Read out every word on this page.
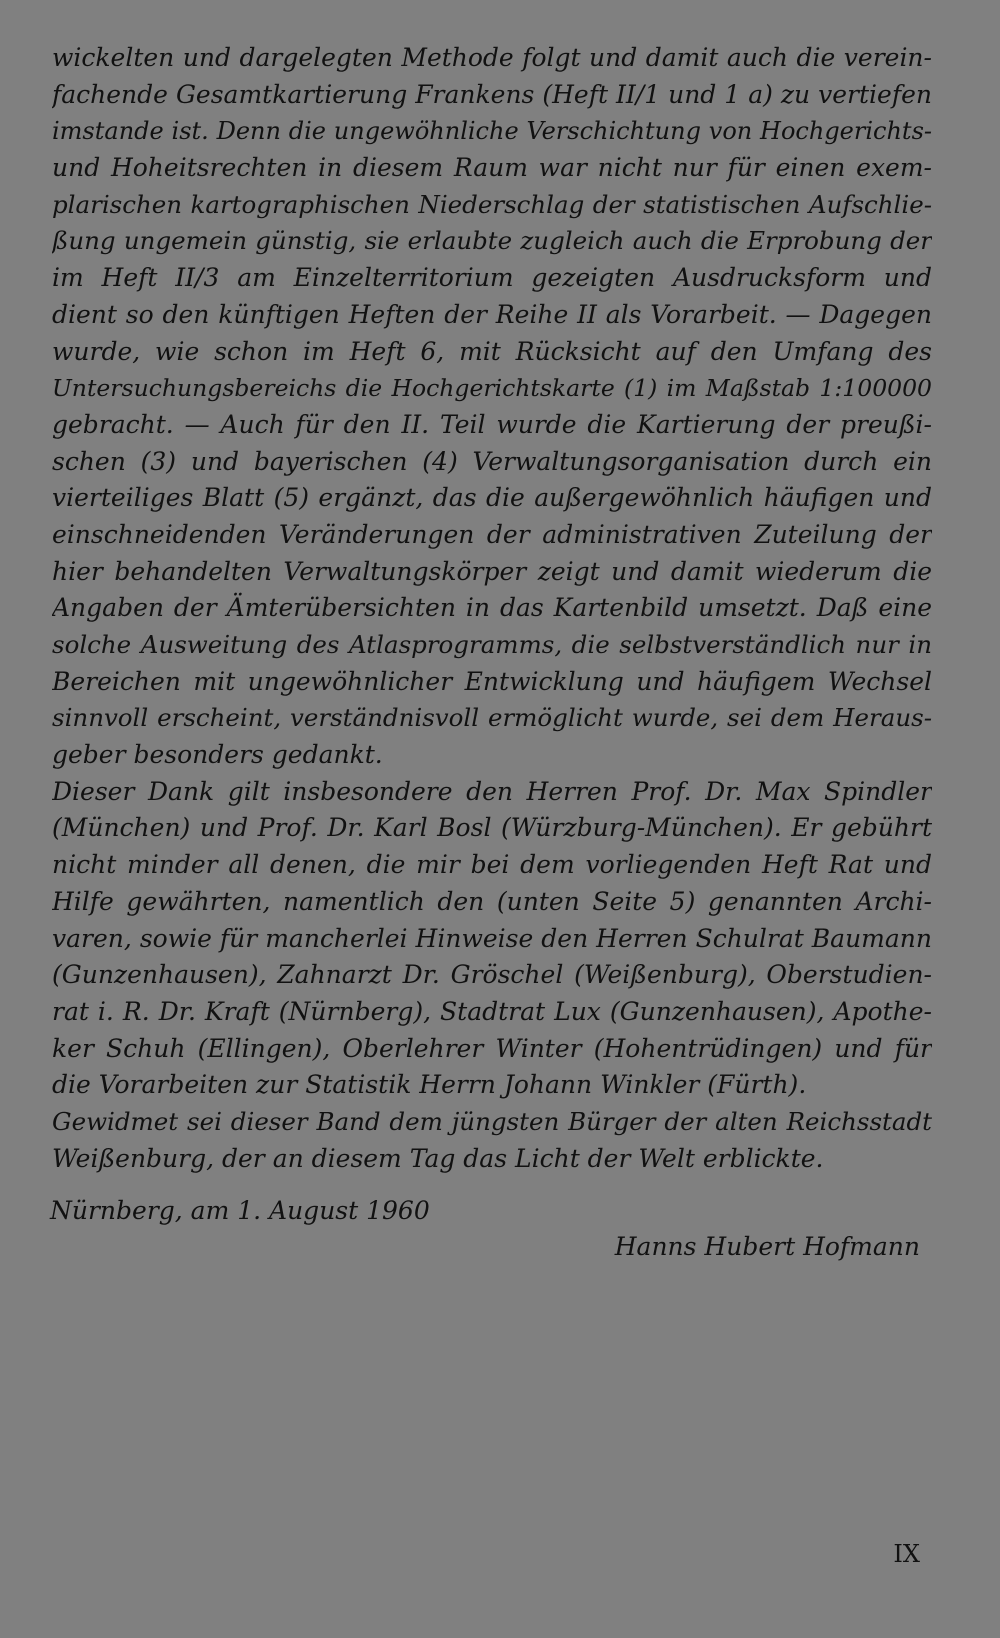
wickelten und dargelegten Methode folgt und damit auch die verein-
fachende Gesamtkartierung Frankens (Heft II/1 und 1 a) zu vertiefen
imstande ist. Denn die ungewöhnliche Verschichtung von Hochgerichts-
und Hoheitsrechten in diesem Raum war nicht nur für einen exem-
plarischen kartographischen Niederschlag der statistischen Aufschlie-
ßung ungemein günstig, sie erlaubte zugleich auch die Erprobung der
im Heft II/3 am Einzelterritorium gezeigten Ausdrucksform und
dient so den künftigen Heften der Reihe II als Vorarbeit. — Dagegen
wurde, wie schon im Heft 6, mit Rücksicht auf den Umfang des
Untersuchungsbereichs die Hochgerichtskarte (1) im Maßstab 1:100000
gebracht. — Auch für den II. Teil wurde die Kartierung der preußi-
schen (3) und bayerischen (4) Verwaltungsorganisation durch ein
vierteiliges Blatt (5) ergänzt, das die außergewöhnlich häufigen und
einschneidenden Veränderungen der administrativen Zuteilung der
hier behandelten Verwaltungskörper zeigt und damit wiederum die
Angaben der Ämterübersichten in das Kartenbild umsetzt. Daß eine
solche Ausweitung des Atlasprogramms, die selbstverständlich nur in
Bereichen mit ungewöhnlicher Entwicklung und häufigem Wechsel
sinnvoll erscheint, verständnisvoll ermöglicht wurde, sei dem Heraus-
geber besonders gedankt.
Dieser Dank gilt insbesondere den Herren Prof. Dr. Max Spindler
(München) und Prof. Dr. Karl Bosl (Würzburg-München). Er gebührt
nicht minder all denen, die mir bei dem vorliegenden Heft Rat und
Hilfe gewährten, namentlich den (unten Seite 5) genannten Archi-
varen, sowie für mancherlei Hinweise den Herren Schulrat Baumann
(Gunzenhausen), Zahnarzt Dr. Gröschel (Weißenburg), Oberstudien-
rat i. R. Dr. Kraft (Nürnberg), Stadtrat Lux (Gunzenhausen), Apothe-
ker Schuh (Ellingen), Oberlehrer Winter (Hohentrüdingen) und für
die Vorarbeiten zur Statistik Herrn Johann Winkler (Fürth).
Gewidmet sei dieser Band dem jüngsten Bürger der alten Reichsstadt
Weißenburg, der an diesem Tag das Licht der Welt erblickte.
Nürnberg, am 1. August 1960
Hanns Hubert Hofmann
IX
